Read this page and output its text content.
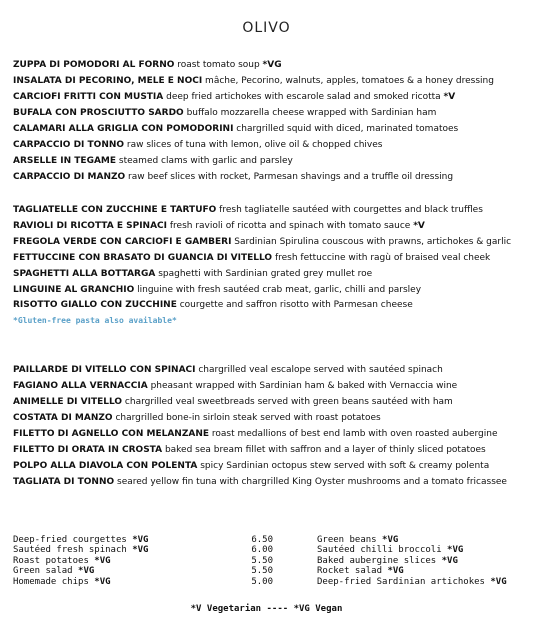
OLIVO
ZUPPA DI POMODORI AL FORNO roast tomato soup *VG
INSALATA DI PECORINO, MELE E NOCI mâche, Pecorino, walnuts, apples, tomatoes & a honey dressing
CARCIOFI FRITTI CON MUSTIA deep fried artichokes with escarole salad and smoked ricotta *V
BUFALA CON PROSCIUTTO SARDO buffalo mozzarella cheese wrapped with Sardinian ham
CALAMARI ALLA GRIGLIA CON POMODORINI chargrilled squid with diced, marinated tomatoes
CARPACCIO DI TONNO raw slices of tuna with lemon, olive oil & chopped chives
ARSELLE IN TEGAME steamed clams with garlic and parsley
CARPACCIO DI MANZO raw beef slices with rocket, Parmesan shavings and a truffle oil dressing
TAGLIATELLE CON ZUCCHINE E TARTUFO fresh tagliatelle sautéed with courgettes and black truffles
RAVIOLI DI RICOTTA E SPINACI fresh ravioli of ricotta and spinach with tomato sauce *V
FREGOLA VERDE CON CARCIOFI E GAMBERI Sardinian Spirulina couscous with prawns, artichokes & garlic
FETTUCCINE CON BRASATO DI GUANCIA DI VITELLO fresh fettuccine with ragù of braised veal cheek
SPAGHETTI ALLA BOTTARGA spaghetti with Sardinian grated grey mullet roe
LINGUINE AL GRANCHIO linguine with fresh sautéed crab meat, garlic, chilli and parsley
RISOTTO GIALLO CON ZUCCHINE courgette and saffron risotto with Parmesan cheese
*Gluten-free pasta also available*
PAILLARDE DI VITELLO CON SPINACI chargrilled veal escalope served with sautéed spinach
FAGIANO ALLA VERNACCIA pheasant wrapped with Sardinian ham & baked with Vernaccia wine
ANIMELLE DI VITELLO chargrilled veal sweetbreads served with green beans sautéed with ham
COSTATA DI MANZO chargrilled bone-in sirloin steak served with roast potatoes
FILETTO DI AGNELLO CON MELANZANE roast medallions of best end lamb with oven roasted aubergine
FILETTO DI ORATA IN CROSTA baked sea bream fillet with saffron and a layer of thinly sliced potatoes
POLPO ALLA DIAVOLA CON POLENTA spicy Sardinian octopus stew served with soft & creamy polenta
TAGLIATA DI TONNO seared yellow fin tuna with chargrilled King Oyster mushrooms and a tomato fricassee
Deep-fried courgettes *VG
Sautéed fresh spinach *VG
Roast potatoes *VG
Green salad *VG
Homemade chips *VG
6.50
6.00
5.50
5.50
5.00
Green beans *VG
Sautéed chilli broccoli *VG
Baked aubergine slices *VG
Rocket salad *VG
Deep-fried Sardinian artichokes *VG
*V Vegetarian ---- *VG Vegan
